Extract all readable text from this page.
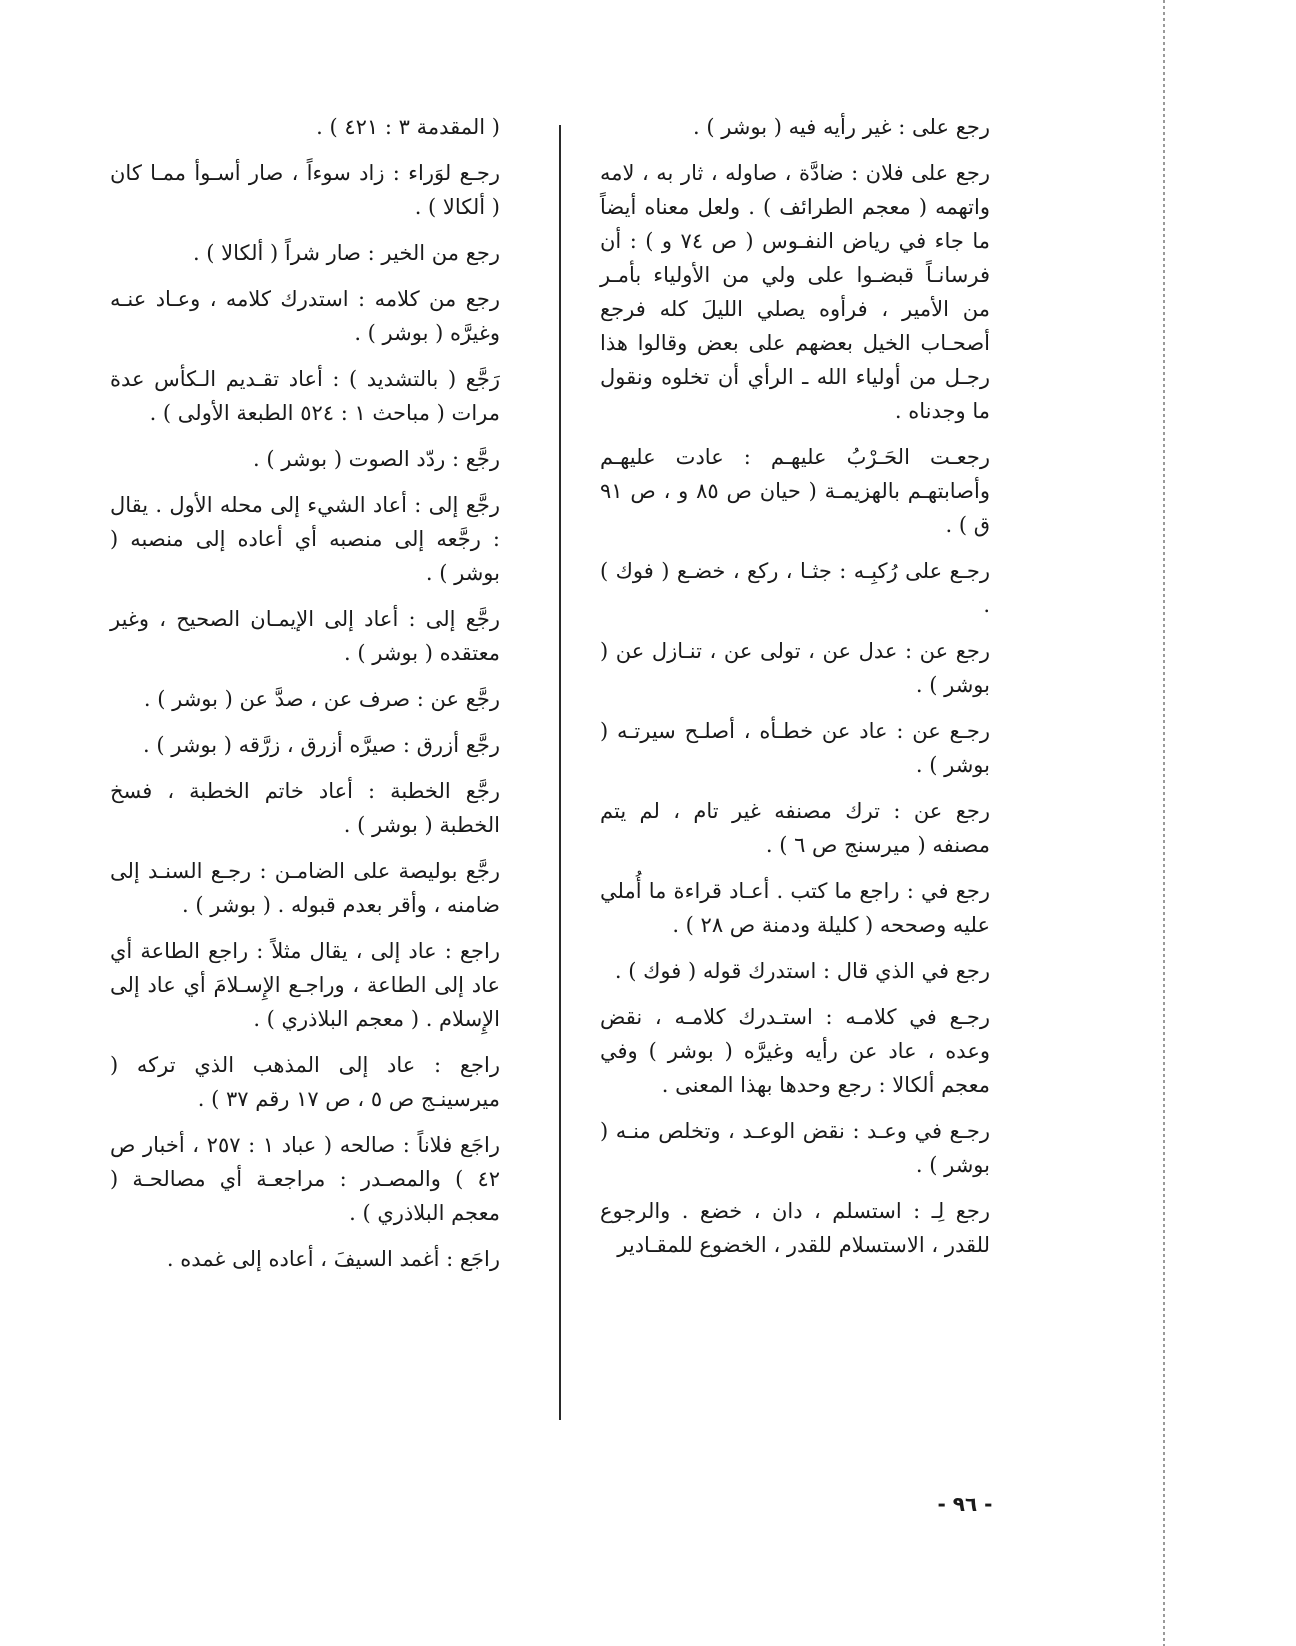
رجع على : غير رأيه فيه ( بوشر ) .

رجع على فلان : ضادَّة ، صاوله ، ثار به ، لامه واتهمه ( معجم الطرائف ) . ولعل معناه أيضاً ما جاء في رياض النفـوس ( ص ٧٤ و ) : أن فرسانـاً قبضـوا على ولي من الأولياء بأمـر من الأمير ، فرأوه يصلي الليلَ كله فرجع أصحـاب الخيل بعضهم على بعض وقالوا هذا رجـل من أولياء الله ـ الرأي أن تخلوه ونقول ما وجدناه .

رجعـت الحَـرْبُ عليهـم : عادت عليهـم وأصابتهـم بالهزيمـة ( حيان ص ٨٥ و ، ص ٩١ ق ) .

رجـع على رُكبِـه : جثـا ، ركع ، خضـع ( فوك ) .

رجع عن : عدل عن ، تولى عن ، تنـازل عن ( بوشر ) .

رجـع عن : عاد عن خطـأه ، أصلـح سيرتـه ( بوشر ) .

رجع عن : ترك مصنفه غير تام ، لم يتم مصنفه ( ميرسنج ص ٦ ) .

رجع في : راجع ما كتب . أعـاد قراءة ما أُملي عليه وصححه ( كليلة ودمنة ص ٢٨ ) .

رجع في الذي قال : استدرك قوله ( فوك ) .

رجـع في كلامـه : استـدرك كلامـه ، نقض وعده ، عاد عن رأيه وغيرَّه ( بوشر ) وفي معجم ألكالا : رجع وحدها بهذا المعنى .

رجـع في وعـد : نقض الوعـد ، وتخلص منـه ( بوشر ) .

رجع لِـ : استسلم ، دان ، خضع . والرجوع للقدر ، الاستسلام للقدر ، الخضوع للمقـادير

( المقدمة ٣ : ٤٢١ ) .

رجـع لوَراء : زاد سوءاً ، صار أسـوأ ممـا كان ( ألكالا ) .

رجع من الخير : صار شراً ( ألكالا ) .

رجع من كلامه : استدرك كلامه ، وعـاد عنـه وغيرَّه ( بوشر ) .

رَجَّع ( بالتشديد ) : أعاد تقـديم الـكأس عدة مرات ( مباحث ١ : ٥٢٤ الطبعة الأولى ) .

رجَّع : ردّد الصوت ( بوشر ) .

رجَّع إلى : أعاد الشيء إلى محله الأول . يقال : رجَّعه إلى منصبه أي أعاده إلى منصبه ( بوشر ) .

رجَّع إلى : أعاد إلى الإيمـان الصحيح ، وغير معتقده ( بوشر ) .

رجَّع عن : صرف عن ، صدَّ عن ( بوشر ) .

رجَّع أزرق : صيرَّه أزرق ، زرَّقه ( بوشر ) .

رجَّع الخطبة : أعاد خاتم الخطبة ، فسخ الخطبة ( بوشر ) .

رجَّع بوليصة على الضامـن : رجـع السنـد إلى ضامنه ، وأقر بعدم قبوله . ( بوشر ) .

راجع : عاد إلى ، يقال مثلاً : راجع الطاعة أي عاد إلى الطاعة ، وراجـع الإِسـلامَ أي عاد إلى الإِسلام . ( معجم البلاذري ) .

راجع : عاد إلى المذهب الذي تركه ( ميرسينـج ص ٥ ، ص ١٧ رقم ٣٧ ) .

راجَع فلاناً : صالحه ( عباد ١ : ٢٥٧ ، أخبار ص ٤٢ ) والمصـدر : مراجعـة أي مصالحـة ( معجم البلاذري ) .

راجَع : أغمد السيفَ ، أعاده إلى غمده .

- ٩٦ -
